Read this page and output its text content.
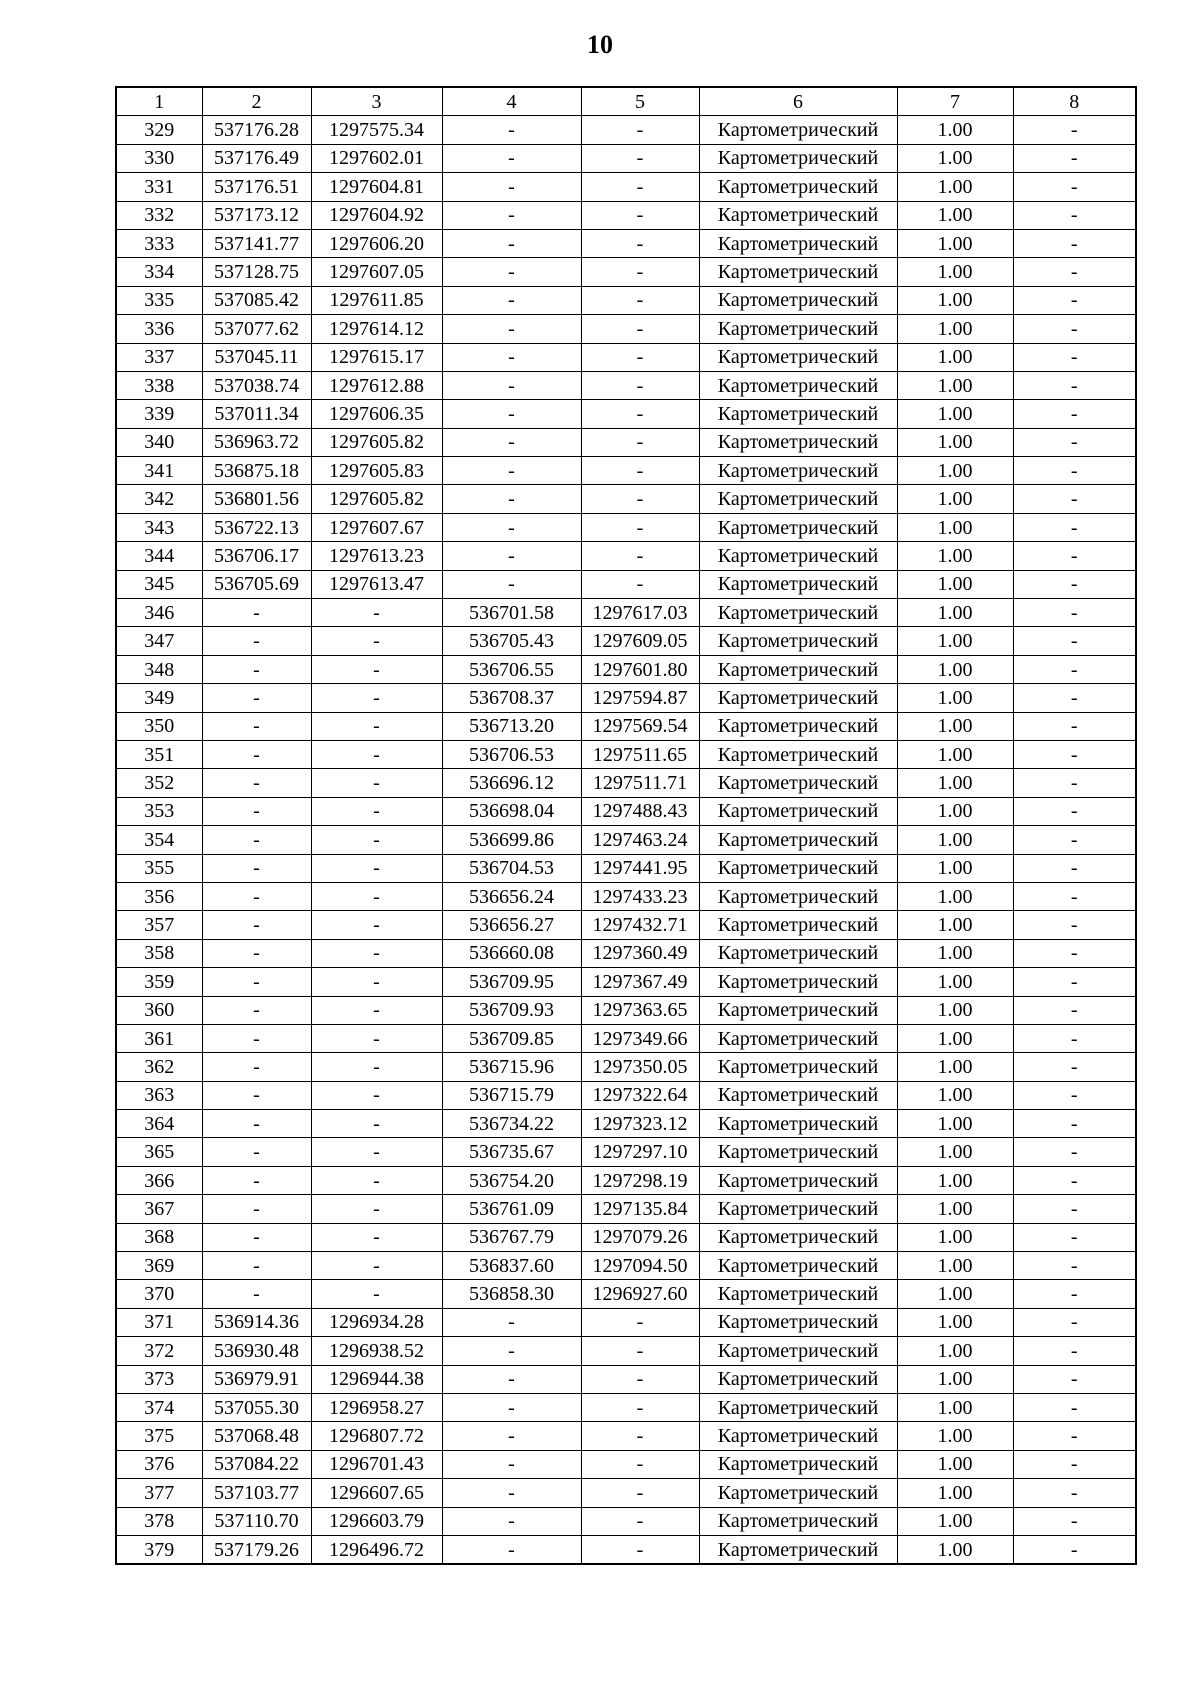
10
1	2	3	4	5	6	7	8
329	537176.28	1297575.34	-	-	Картометрический	1.00	-
330	537176.49	1297602.01	-	-	Картометрический	1.00	-
331	537176.51	1297604.81	-	-	Картометрический	1.00	-
332	537173.12	1297604.92	-	-	Картометрический	1.00	-
333	537141.77	1297606.20	-	-	Картометрический	1.00	-
334	537128.75	1297607.05	-	-	Картометрический	1.00	-
335	537085.42	1297611.85	-	-	Картометрический	1.00	-
336	537077.62	1297614.12	-	-	Картометрический	1.00	-
337	537045.11	1297615.17	-	-	Картометрический	1.00	-
338	537038.74	1297612.88	-	-	Картометрический	1.00	-
339	537011.34	1297606.35	-	-	Картометрический	1.00	-
340	536963.72	1297605.82	-	-	Картометрический	1.00	-
341	536875.18	1297605.83	-	-	Картометрический	1.00	-
342	536801.56	1297605.82	-	-	Картометрический	1.00	-
343	536722.13	1297607.67	-	-	Картометрический	1.00	-
344	536706.17	1297613.23	-	-	Картометрический	1.00	-
345	536705.69	1297613.47	-	-	Картометрический	1.00	-
346	-	-	536701.58	1297617.03	Картометрический	1.00	-
347	-	-	536705.43	1297609.05	Картометрический	1.00	-
348	-	-	536706.55	1297601.80	Картометрический	1.00	-
349	-	-	536708.37	1297594.87	Картометрический	1.00	-
350	-	-	536713.20	1297569.54	Картометрический	1.00	-
351	-	-	536706.53	1297511.65	Картометрический	1.00	-
352	-	-	536696.12	1297511.71	Картометрический	1.00	-
353	-	-	536698.04	1297488.43	Картометрический	1.00	-
354	-	-	536699.86	1297463.24	Картометрический	1.00	-
355	-	-	536704.53	1297441.95	Картометрический	1.00	-
356	-	-	536656.24	1297433.23	Картометрический	1.00	-
357	-	-	536656.27	1297432.71	Картометрический	1.00	-
358	-	-	536660.08	1297360.49	Картометрический	1.00	-
359	-	-	536709.95	1297367.49	Картометрический	1.00	-
360	-	-	536709.93	1297363.65	Картометрический	1.00	-
361	-	-	536709.85	1297349.66	Картометрический	1.00	-
362	-	-	536715.96	1297350.05	Картометрический	1.00	-
363	-	-	536715.79	1297322.64	Картометрический	1.00	-
364	-	-	536734.22	1297323.12	Картометрический	1.00	-
365	-	-	536735.67	1297297.10	Картометрический	1.00	-
366	-	-	536754.20	1297298.19	Картометрический	1.00	-
367	-	-	536761.09	1297135.84	Картометрический	1.00	-
368	-	-	536767.79	1297079.26	Картометрический	1.00	-
369	-	-	536837.60	1297094.50	Картометрический	1.00	-
370	-	-	536858.30	1296927.60	Картометрический	1.00	-
371	536914.36	1296934.28	-	-	Картометрический	1.00	-
372	536930.48	1296938.52	-	-	Картометрический	1.00	-
373	536979.91	1296944.38	-	-	Картометрический	1.00	-
374	537055.30	1296958.27	-	-	Картометрический	1.00	-
375	537068.48	1296807.72	-	-	Картометрический	1.00	-
376	537084.22	1296701.43	-	-	Картометрический	1.00	-
377	537103.77	1296607.65	-	-	Картометрический	1.00	-
378	537110.70	1296603.79	-	-	Картометрический	1.00	-
379	537179.26	1296496.72	-	-	Картометрический	1.00	-
